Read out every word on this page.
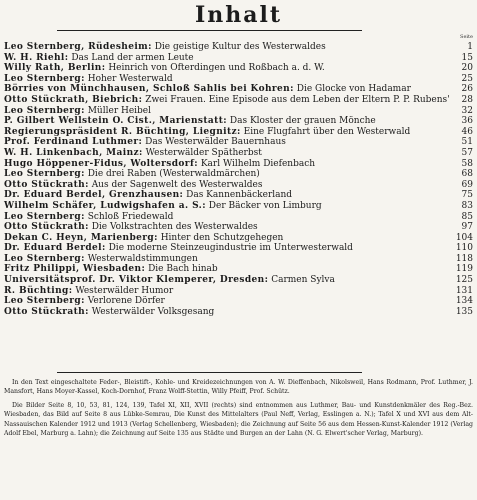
Inhalt
Seite
Leo Sternberg, Rüdesheim: Die geistige Kultur des Westerwaldes	1
W. H. Riehl: Das Land der armen Leute	15
Willy Rath, Berlin: Heinrich von Ofterdingen und Roßbach a. d. W.	20
Leo Sternberg: Hoher Westerwald	25
Börries von Münchhausen, Schloß Sahlis bei Kohren: Die Glocke von Hadamar	26
Otto Stückrath, Biebrich: Zwei Frauen. Eine Episode aus dem Leben der Eltern P. P. Rubens'	28
Leo Sternberg: Müller Heibel	32
P. Gilbert Wellstein O. Cist., Marienstatt: Das Kloster der grauen Mönche	36
Regierungspräsident R. Büchting, Liegnitz: Eine Flugfahrt über den Westerwald	46
Prof. Ferdinand Luthmer: Das Westerwälder Bauernhaus	51
W. H. Linkenbach, Mainz: Westerwälder Spätherbst	57
Hugo Höppener-Fidus, Woltersdorf: Karl Wilhelm Diefenbach	58
Leo Sternberg: Die drei Raben (Westerwaldmärchen)	68
Otto Stückrath: Aus der Sagenwelt des Westerwaldes	69
Dr. Eduard Berdel, Grenzhausen: Das Kannenbäckerland	75
Wilhelm Schäfer, Ludwigshafen a. S.: Der Bäcker von Limburg	83
Leo Sternberg: Schloß Friedewald	85
Otto Stückrath: Die Volkstrachten des Westerwaldes	97
Dekan C. Heyn, Marienberg: Hinter den Schutzgehegen	104
Dr. Eduard Berdel: Die moderne Steinzeugindustrie im Unterwesterwald	110
Leo Sternberg: Westerwaldstimmungen	118
Fritz Philippi, Wiesbaden: Die Bach hinab	119
Universitätsprof. Dr. Viktor Klemperer, Dresden: Carmen Sylva	125
R. Büchting: Westerwälder Humor	131
Leo Sternberg: Verlorene Dörfer	134
Otto Stückrath: Westerwälder Volksgesang	135

In den Text eingeschaltete Feder-, Bleistift-, Kohle- und Kreidezeichnungen von A. W. Dieffenbach, Nikolsweil, Hans Rodmann, Prof. Luthmer, J. Mansfort, Hans Moyer-Kassel, Koch-Dornhof, Franz Wolff-Stettin, Willy Pfeiff, Prof. Schütz.

Die Bilder Seite 8, 10, 53, 81, 124, 139, Tafel XI, XII, XVII (rechts) sind entnommen aus Luthmer, Bau- und Kunstdenkmäler des Reg.-Bez. Wiesbaden, das Bild auf Seite 8 aus Lübke-Semrau, Die Kunst des Mittelalters (Paul Neff, Verlag, Esslingen a. N.); Tafel X und XVI aus dem Alt-Nassauischen Kalender 1912 und 1913 (Verlag Schellenberg, Wiesbaden); die Zeichnung auf Seite 56 aus dem Hessen-Kunst-Kalender 1912 (Verlag Adolf Ebel, Marburg a. Lahn); die Zeichnung auf Seite 135 aus Städte und Burgen an der Lahn (N. G. Elwert'scher Verlag, Marburg).
